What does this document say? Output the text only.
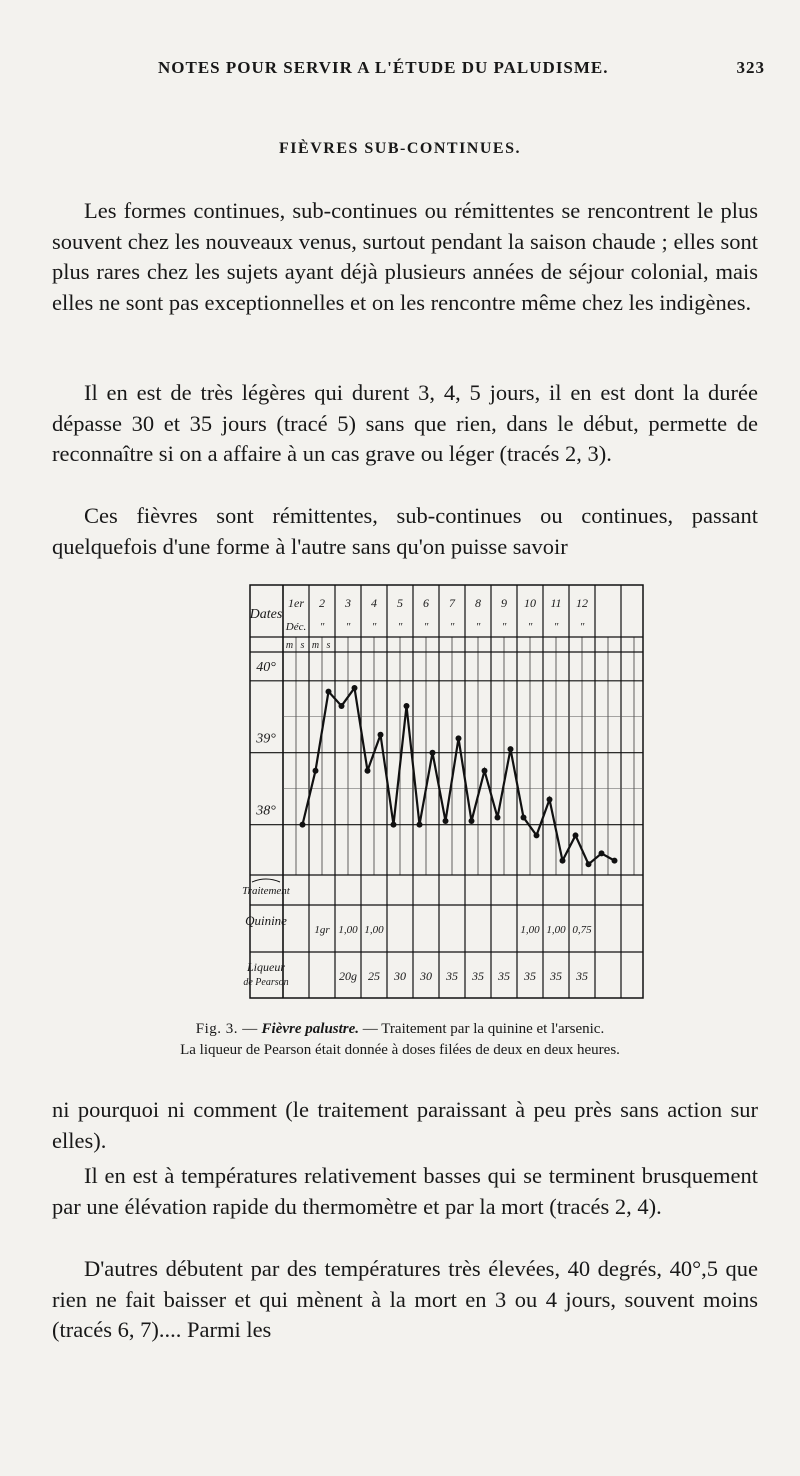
NOTES POUR SERVIR A L'ÉTUDE DU PALUDISME.	323
FIÈVRES SUB-CONTINUES.

Les formes continues, sub-continues ou rémittentes se rencontrent le plus souvent chez les nouveaux venus, surtout pendant la saison chaude ; elles sont plus rares chez les sujets ayant déjà plusieurs années de séjour colonial, mais elles ne sont pas exceptionnelles et on les rencontre même chez les indigènes.

Il en est de très légères qui durent 3, 4, 5 jours, il en est dont la durée dépasse 30 et 35 jours (tracé 5) sans que rien, dans le début, permette de reconnaître si on a affaire à un cas grave ou léger (tracés 2, 3).

Ces fièvres sont rémittentes, sub-continues ou continues, passant quelquefois d'une forme à l'autre sans qu'on puisse savoir

40°
39°
38°
Dates
1er 2
"
3
"
4
"
5
"
6
"
7
"
8
"
9
"
10
"
11
"
12
"
Déc.
m s m s
Traitement
Quinine
Liqueur
de Pearson
1gr 1,00 1,00	1,00 1,00 0,75
20g 25 30 30 35 35 35 35 35 35
Fig. 3. — Fièvre palustre. — Traitement par la quinine et l'arsenic.
La liqueur de Pearson était donnée à doses filées de deux en deux heures.

ni pourquoi ni comment (le traitement paraissant à peu près sans action sur elles).

Il en est à températures relativement basses qui se terminent brusquement par une élévation rapide du thermomètre et par la mort (tracés 2, 4).

D'autres débutent par des températures très élevées, 40 degrés, 40°,5 que rien ne fait baisser et qui mènent à la mort en 3 ou 4 jours, souvent moins (tracés 6, 7).... Parmi les
